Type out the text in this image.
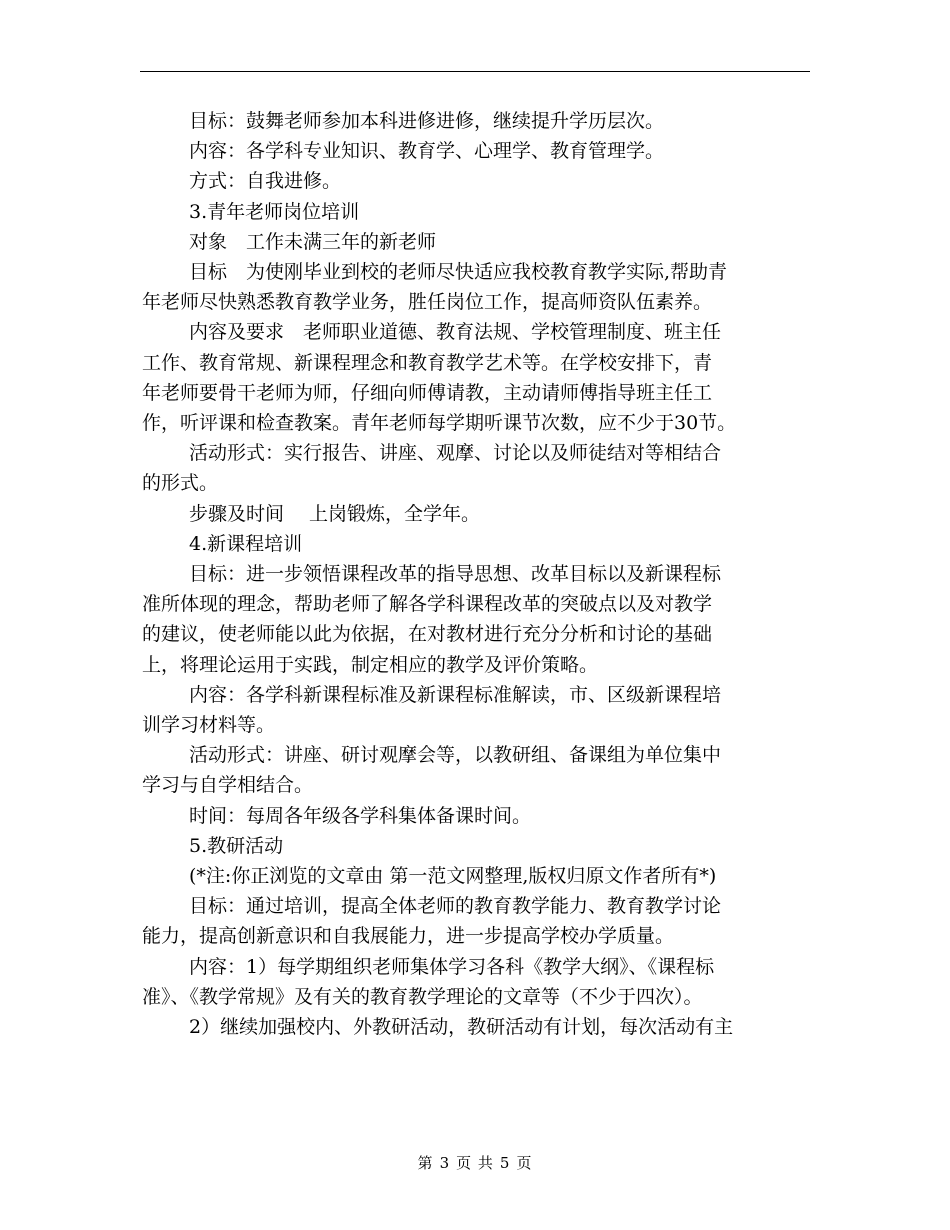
目标：鼓舞老师参加本科进修进修，继续提升学历层次。

内容：各学科专业知识、教育学、心理学、教育管理学。

方式：自我进修。

3.青年老师岗位培训

对象　工作未满三年的新老师

目标　为使刚毕业到校的老师尽快适应我校教育教学实际,帮助青

年老师尽快熟悉教育教学业务，胜任岗位工作，提高师资队伍素养。

内容及要求　老师职业道德、教育法规、学校管理制度、班主任

工作、教育常规、新课程理念和教育教学艺术等。在学校安排下，青

年老师要骨干老师为师，仔细向师傅请教，主动请师傅指导班主任工

作，听评课和检查教案。青年老师每学期听课节次数，应不少于30节。

活动形式：实行报告、讲座、观摩、讨论以及师徒结对等相结合

的形式。

步骤及时间　 上岗锻炼，全学年。

4.新课程培训

目标：进一步领悟课程改革的指导思想、改革目标以及新课程标

准所体现的理念，帮助老师了解各学科课程改革的突破点以及对教学

的建议，使老师能以此为依据，在对教材进行充分分析和讨论的基础

上，将理论运用于实践，制定相应的教学及评价策略。

内容：各学科新课程标准及新课程标准解读，市、区级新课程培

训学习材料等。

活动形式：讲座、研讨观摩会等，以教研组、备课组为单位集中

学习与自学相结合。

时间：每周各年级各学科集体备课时间。

5.教研活动

(*注:你正浏览的文章由 第一范文网整理,版权归原文作者所有*)

目标：通过培训，提高全体老师的教育教学能力、教育教学讨论

能力，提高创新意识和自我展能力，进一步提高学校办学质量。

内容：1）每学期组织老师集体学习各科《教学大纲》、《课程标

准》、《教学常规》及有关的教育教学理论的文章等（不少于四次）。

2）继续加强校内、外教研活动，教研活动有计划，每次活动有主

第 3 页 共 5 页
